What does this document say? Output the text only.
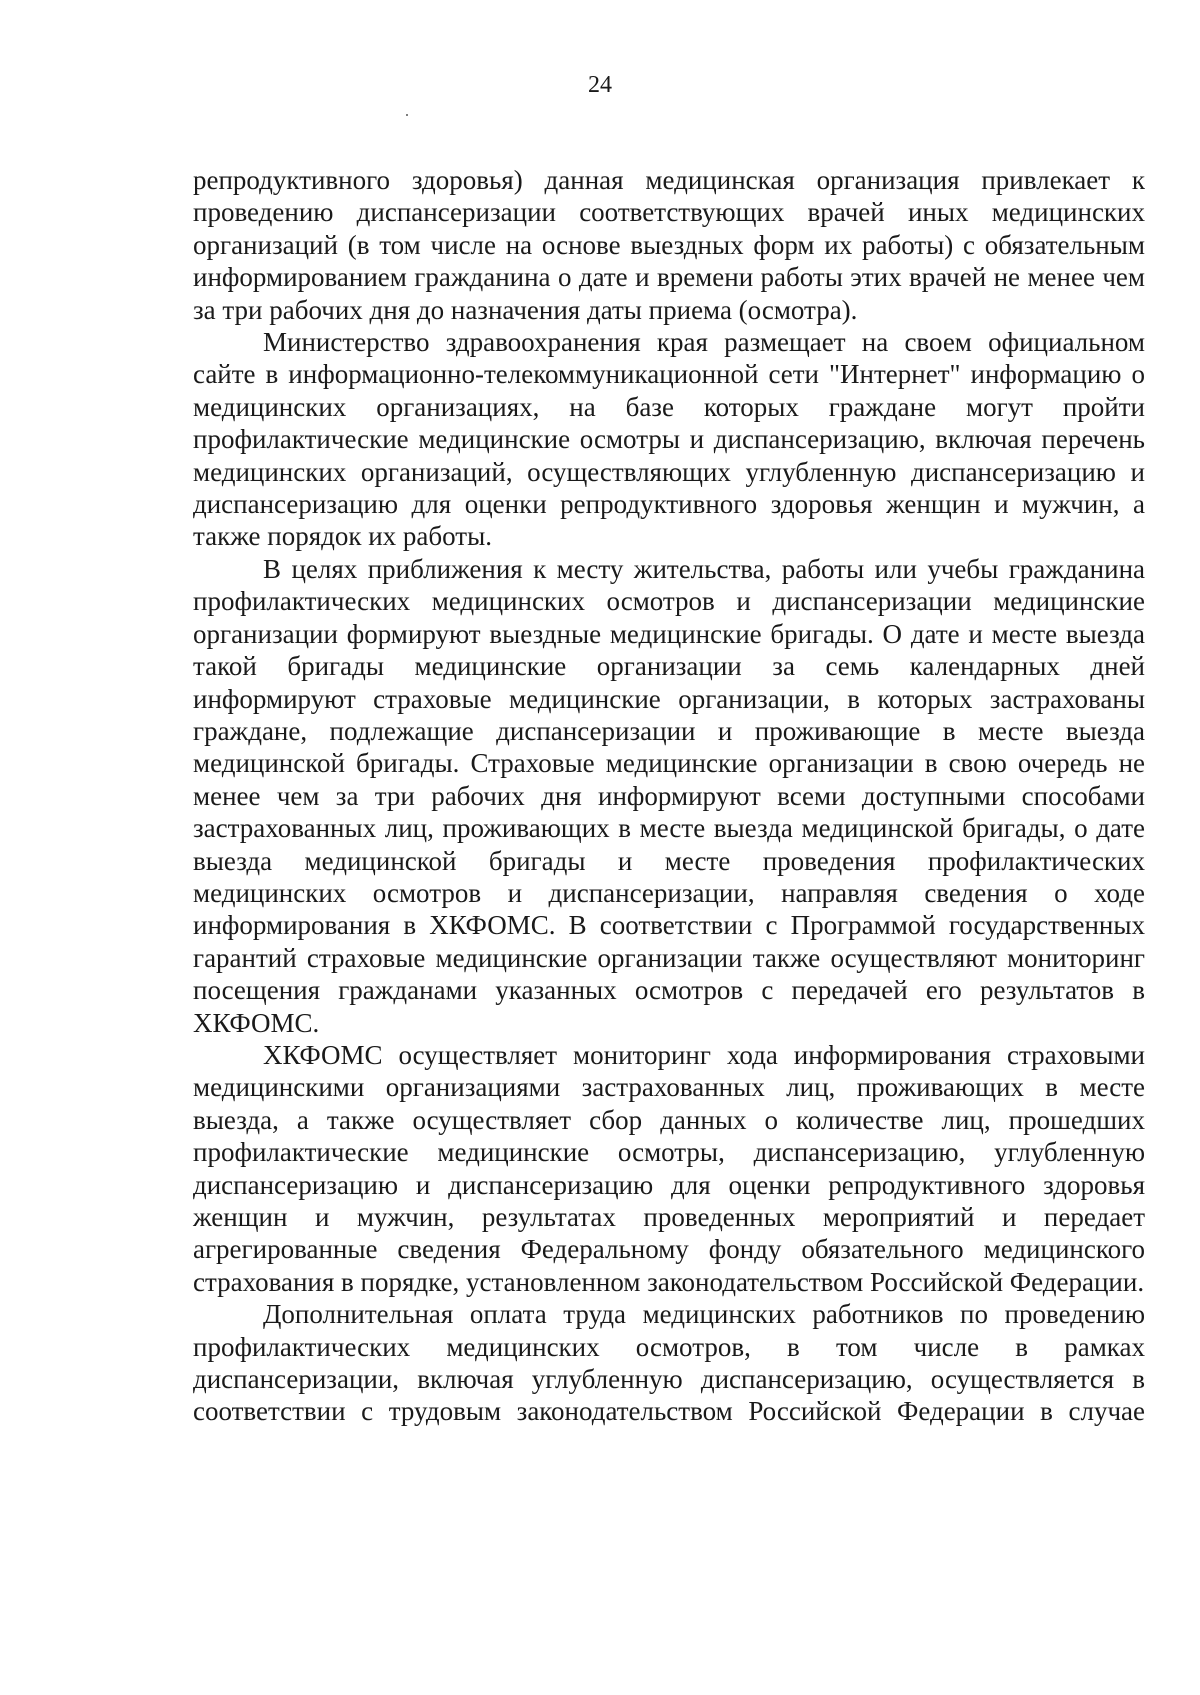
24

репродуктивного здоровья) данная медицинская организация привлекает к проведению диспансеризации соответствующих врачей иных медицинских организаций (в том числе на основе выездных форм их работы) с обязательным информированием гражданина о дате и времени работы этих врачей не менее чем за три рабочих дня до назначения даты приема (осмотра).

Министерство здравоохранения края размещает на своем официальном сайте в информационно-телекоммуникационной сети "Интернет" информацию о медицинских организациях, на базе которых граждане могут пройти профилактические медицинские осмотры и диспансеризацию, включая перечень медицинских организаций, осуществляющих углубленную диспансеризацию и диспансеризацию для оценки репродуктивного здоровья женщин и мужчин, а также порядок их работы.

В целях приближения к месту жительства, работы или учебы гражданина профилактических медицинских осмотров и диспансеризации медицинские организации формируют выездные медицинские бригады. О дате и месте выезда такой бригады медицинские организации за семь календарных дней информируют страховые медицинские организации, в которых застрахованы граждане, подлежащие диспансеризации и проживающие в месте выезда медицинской бригады. Страховые медицинские организации в свою очередь не менее чем за три рабочих дня информируют всеми доступными способами застрахованных лиц, проживающих в месте выезда медицинской бригады, о дате выезда медицинской бригады и месте проведения профилактических медицинских осмотров и диспансеризации, направляя сведения о ходе информирования в ХКФОМС. В соответствии с Программой государственных гарантий страховые медицинские организации также осуществляют мониторинг посещения гражданами указанных осмотров с передачей его результатов в ХКФОМС.

ХКФОМС осуществляет мониторинг хода информирования страховыми медицинскими организациями застрахованных лиц, проживающих в месте выезда, а также осуществляет сбор данных о количестве лиц, прошедших профилактические медицинские осмотры, диспансеризацию, углубленную диспансеризацию и диспансеризацию для оценки репродуктивного здоровья женщин и мужчин, результатах проведенных мероприятий и передает агрегированные сведения Федеральному фонду обязательного медицинского страхования в порядке, установленном законодательством Российской Федерации.

Дополнительная оплата труда медицинских работников по проведению профилактических медицинских осмотров, в том числе в рамках диспансеризации, включая углубленную диспансеризацию, осуществляется в соответствии с трудовым законодательством Российской Федерации в случае
